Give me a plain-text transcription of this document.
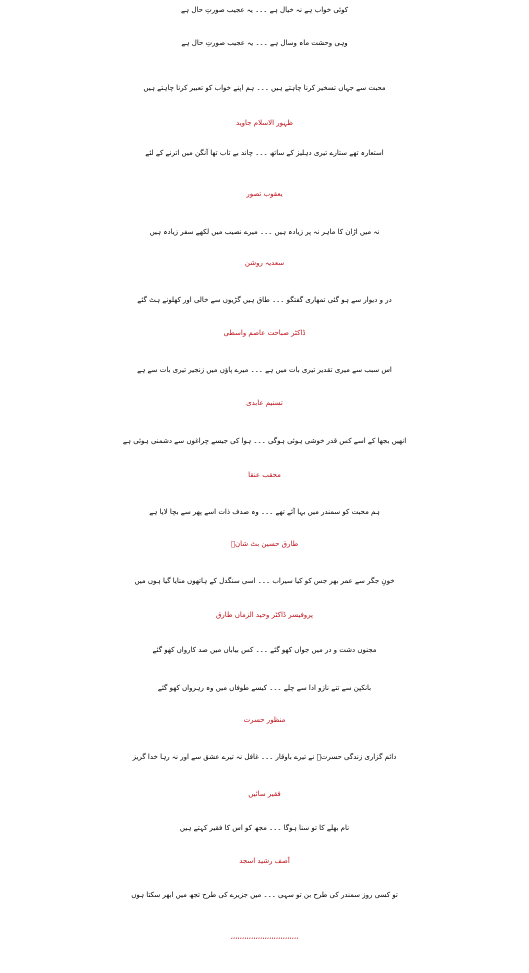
کوئی خواب ہے نہ خیال ہے ۔۔۔ یہ عجیب صورتِ حال ہے
وہی وحشت ماہ وسال ہے ۔۔۔ یہ عجیب صورتِ حال ہے
محبت سے جہاں تسخیر کرنا چاہتے ہیں ۔۔۔ ہم اپنے خواب کو تعبیر کرنا چاہتے ہیں
ظہور الاسلام جاوید
استعارہ تھے ستارے تیری دہلیز کے ساتھ ۔۔۔ چاند بے تاب تھا آنگن میں اترنے کے لئے
یعقوب تصور
نہ میں اڑان کا ماہر نہ پر زیادہ ہیں ۔۔۔ میرے نصیب میں لکھے سفر زیادہ ہیں
سعدیہ روشن
در و دیوار سے ہو گئی تمھاری گفتگو ۔۔۔ طاق ہیں گڑیوں سے خالی اور کھلونے ہٹ گئے
ڈاکٹر صباحت عاصم واسطی
اس سبب سے میری تقدیر تیری بات میں ہے ۔۔۔ میرے پاؤں میں زنجیر تیری بات سے ہے
تسنیم عابدی
انھیں بجھا کے اسے کس قدر خوشی ہوئی ہوگی ۔۔۔ ہوا کی جیسے چراغوں سے دشمنی ہوئی ہے
محقب عنقا
ہم محبت کو سمندر میں بہا آئے تھے ۔۔۔ وہ صدف ذات اسے پھر سے بچا لایا ہے
طارق حسین بٹ شانؔ
خونِ جگر سے عمر بھر جس کو کیا سیراب ۔۔۔ اسی سنگدل کے ہاتھوں منایا گیا ہوں میں
پروفیسر ڈاکٹر وحید الزماں طارق
مجنوں دشت و در میں جواں کھو گئے ۔۔۔ کس بیاباں میں صد کارواں کھو گئے
بانکپن سے تنے نازو ادا سے چلے ۔۔۔ کیسے طوفاں میں وہ رہرواں کھو گئے
منظور حسرت
دائم گزاری زندگی حسرتؔ نے تیرے باوقار ۔۔۔ غافل نہ تیرے عشق سے اور نہ رہا خدا گریز
فقیر سائیں
نام بھلے کا تو سنا ہوگا ۔۔۔ مجھ کو اس کا فقیر کہتے ہیں
آصف رشید اسجد
تو کسی روز سمندر کی طرح بن تو سہی ۔۔۔ میں جزیرے کی طرح تجھ میں ابھر سکتا ہوں
،،،،،،،،،،،،،،،،،،،،،،،،،،،،،،
